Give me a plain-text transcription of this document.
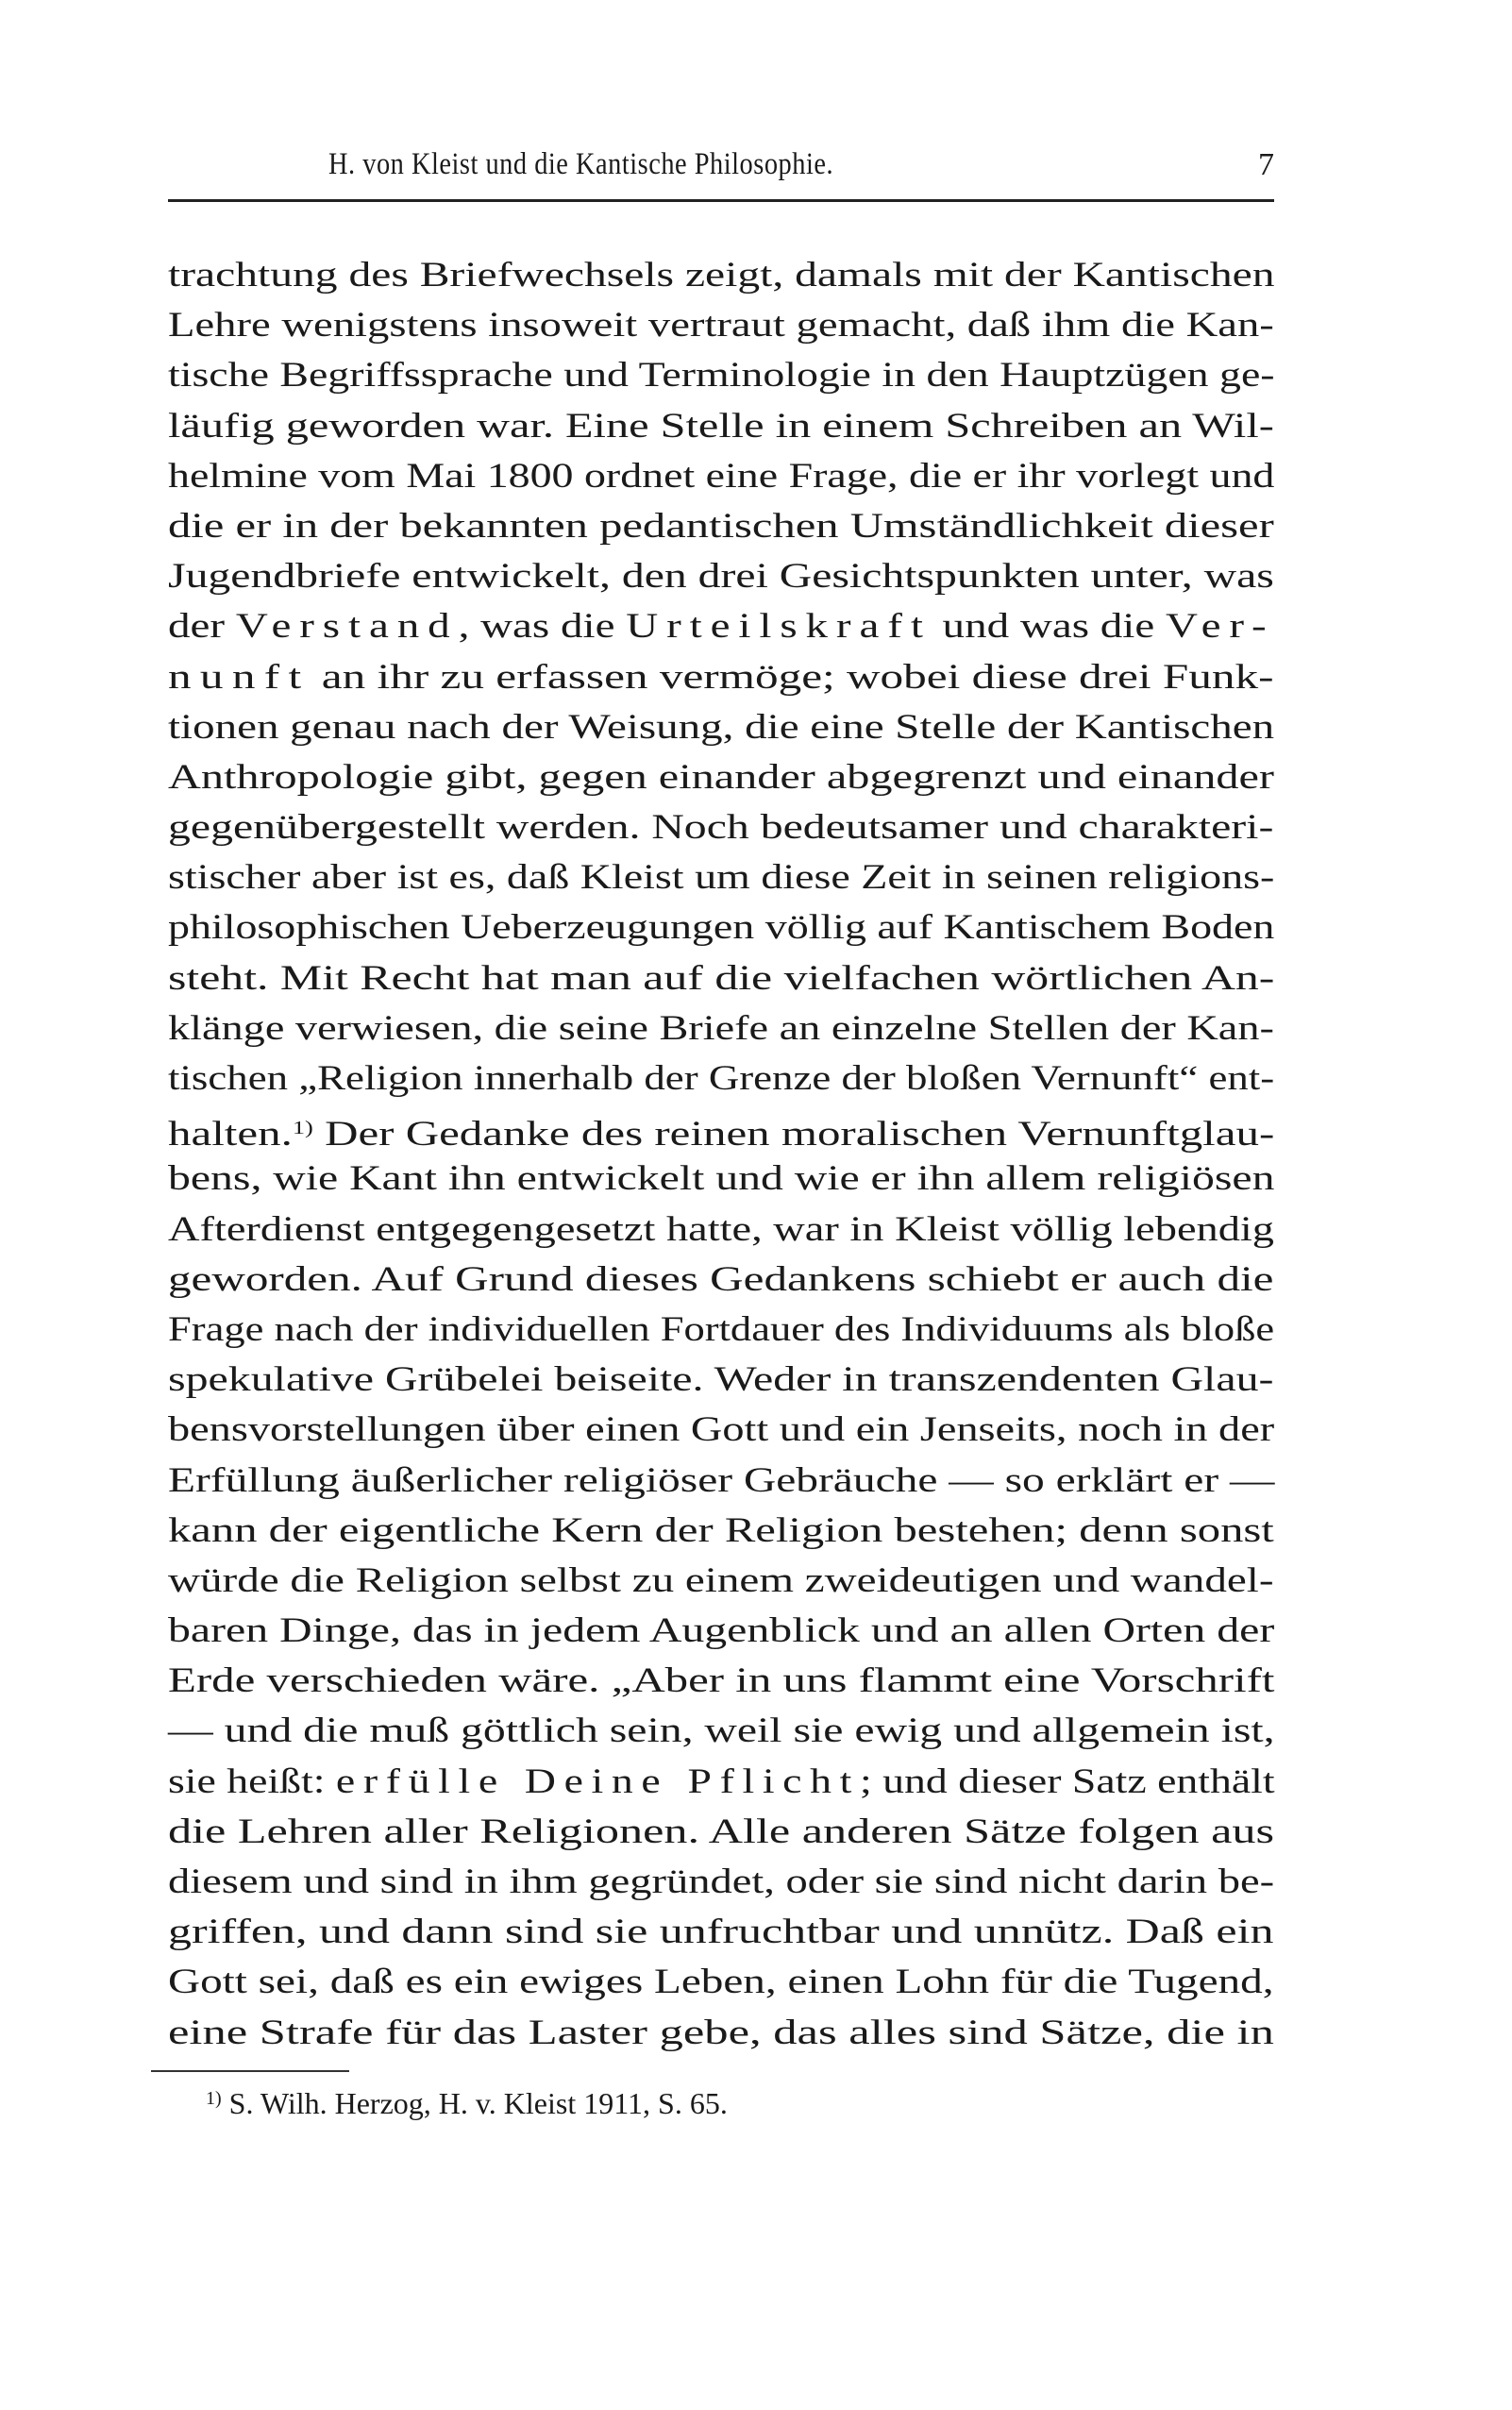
H. von Kleist und die Kantische Philosophie.	7
trachtung des Briefwechsels zeigt, damals mit der Kantischen
Lehre wenigstens insoweit vertraut gemacht, daß ihm die Kan-
tische Begriffssprache und Terminologie in den Hauptzügen ge-
läufig geworden war. Eine Stelle in einem Schreiben an Wil-
helmine vom Mai 1800 ordnet eine Frage, die er ihr vorlegt und
die er in der bekannten pedantischen Umständlichkeit dieser
Jugendbriefe entwickelt, den drei Gesichtspunkten unter, was
der Verstand, was die Urteilskraft und was die Ver-
nunft an ihr zu erfassen vermöge; wobei diese drei Funk-
tionen genau nach der Weisung, die eine Stelle der Kantischen
Anthropologie gibt, gegen einander abgegrenzt und einander
gegenübergestellt werden. Noch bedeutsamer und charakteri-
stischer aber ist es, daß Kleist um diese Zeit in seinen religions-
philosophischen Ueberzeugungen völlig auf Kantischem Boden
steht. Mit Recht hat man auf die vielfachen wörtlichen An-
klänge verwiesen, die seine Briefe an einzelne Stellen der Kan-
tischen „Religion innerhalb der Grenze der bloßen Vernunft“ ent-
halten.$^{1)}$ Der Gedanke des reinen moralischen Vernunftglau-
bens, wie Kant ihn entwickelt und wie er ihn allem religiösen
Afterdienst entgegengesetzt hatte, war in Kleist völlig lebendig
geworden. Auf Grund dieses Gedankens schiebt er auch die
Frage nach der individuellen Fortdauer des Individuums als bloße
spekulative Grübelei beiseite. Weder in transzendenten Glau-
bensvorstellungen über einen Gott und ein Jenseits, noch in der
Erfüllung äußerlicher religiöser Gebräuche — so erklärt er —
kann der eigentliche Kern der Religion bestehen; denn sonst
würde die Religion selbst zu einem zweideutigen und wandel-
baren Dinge, das in jedem Augenblick und an allen Orten der
Erde verschieden wäre. „Aber in uns flammt eine Vorschrift
— und die muß göttlich sein, weil sie ewig und allgemein ist,
sie heißt: erfülle Deine Pflicht; und dieser Satz enthält
die Lehren aller Religionen. Alle anderen Sätze folgen aus
diesem und sind in ihm gegründet, oder sie sind nicht darin be-
griffen, und dann sind sie unfruchtbar und unnütz. Daß ein
Gott sei, daß es ein ewiges Leben, einen Lohn für die Tugend,
eine Strafe für das Laster gebe, das alles sind Sätze, die in
$^{1)}$ S. Wilh. Herzog, H. v. Kleist 1911, S. 65.
